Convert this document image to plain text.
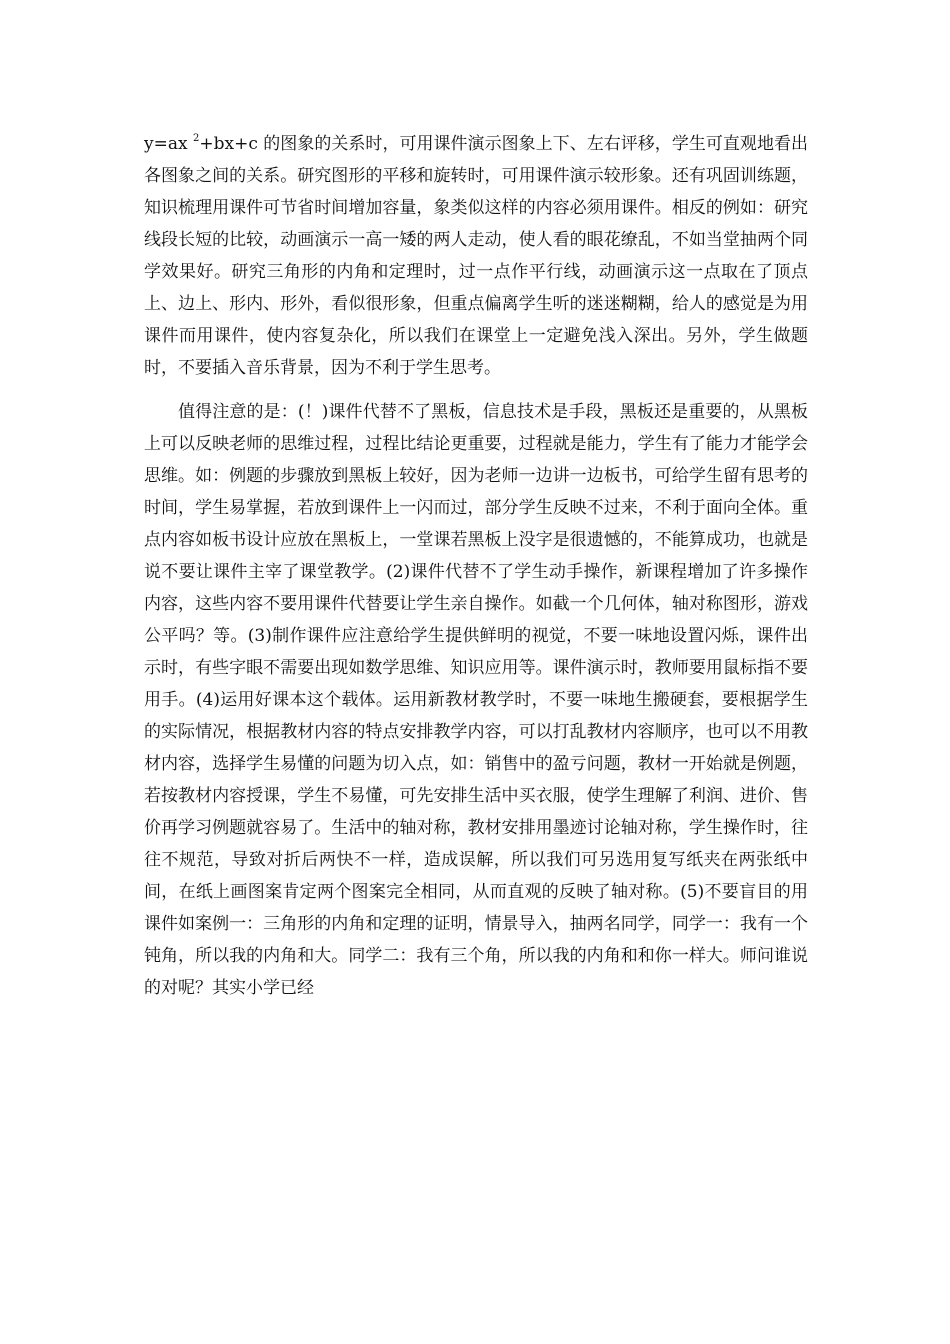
y=ax $^2$+bx+c 的图象的关系时，可用课件演示图象上下、左右评移，学生可直观地看出各图象之间的关系。研究图形的平移和旋转时，可用课件演示较形象。还有巩固训练题，知识梳理用课件可节省时间增加容量，象类似这样的内容必须用课件。相反的例如：研究线段长短的比较，动画演示一高一矮的两人走动，使人看的眼花缭乱，不如当堂抽两个同学效果好。研究三角形的内角和定理时，过一点作平行线，动画演示这一点取在了顶点上、边上、形内、形外，看似很形象，但重点偏离学生听的迷迷糊糊，给人的感觉是为用课件而用课件，使内容复杂化，所以我们在课堂上一定避免浅入深出。另外，学生做题时，不要插入音乐背景，因为不利于学生思考。

值得注意的是：(！)课件代替不了黑板，信息技术是手段，黑板还是重要的，从黑板上可以反映老师的思维过程，过程比结论更重要，过程就是能力，学生有了能力才能学会思维。如：例题的步骤放到黑板上较好，因为老师一边讲一边板书，可给学生留有思考的时间，学生易掌握，若放到课件上一闪而过，部分学生反映不过来，不利于面向全体。重点内容如板书设计应放在黑板上，一堂课若黑板上没字是很遗憾的，不能算成功，也就是说不要让课件主宰了课堂教学。(2)课件代替不了学生动手操作，新课程增加了许多操作内容，这些内容不要用课件代替要让学生亲自操作。如截一个几何体，轴对称图形，游戏公平吗？等。(3)制作课件应注意给学生提供鲜明的视觉，不要一味地设置闪烁，课件出示时，有些字眼不需要出现如数学思维、知识应用等。课件演示时，教师要用鼠标指不要用手。(4)运用好课本这个载体。运用新教材教学时，不要一味地生搬硬套，要根据学生的实际情况，根据教材内容的特点安排教学内容，可以打乱教材内容顺序，也可以不用教材内容，选择学生易懂的问题为切入点，如：销售中的盈亏问题，教材一开始就是例题，若按教材内容授课，学生不易懂，可先安排生活中买衣服，使学生理解了利润、进价、售价再学习例题就容易了。生活中的轴对称，教材安排用墨迹讨论轴对称，学生操作时，往往不规范，导致对折后两快不一样，造成误解，所以我们可另选用复写纸夹在两张纸中间，在纸上画图案肯定两个图案完全相同，从而直观的反映了轴对称。(5)不要盲目的用课件如案例一：三角形的内角和定理的证明，情景导入，抽两名同学，同学一：我有一个钝角，所以我的内角和大。同学二：我有三个角，所以我的内角和和你一样大。师问谁说的对呢？其实小学已经
